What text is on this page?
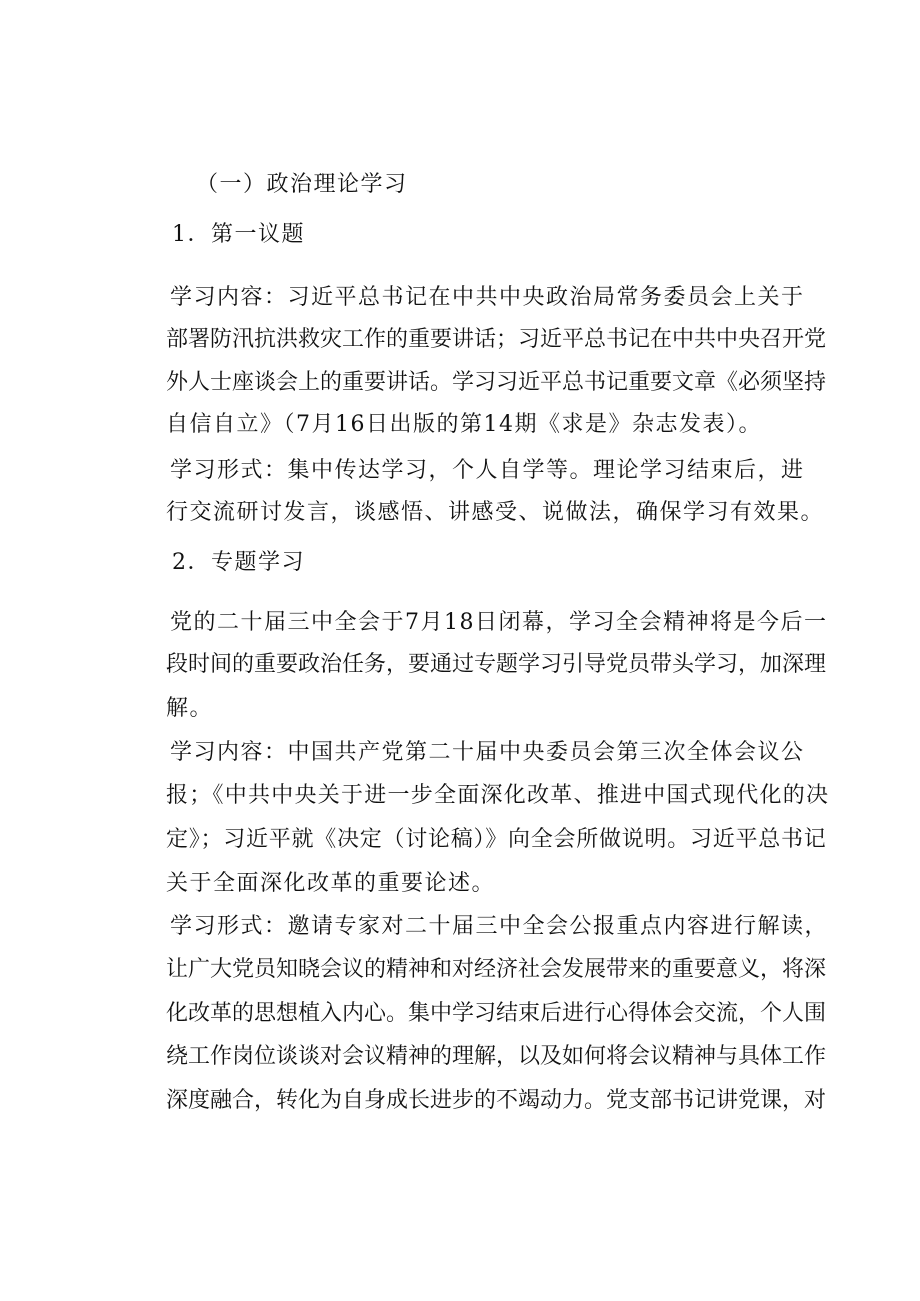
（一）政治理论学习
1．第一议题
学习内容：习近平总书记在中共中央政治局常务委员会上关于
部署防汛抗洪救灾工作的重要讲话；习近平总书记在中共中央召开党
外人士座谈会上的重要讲话。学习习近平总书记重要文章《必须坚持
自信自立》（7月16日出版的第14期《求是》杂志发表）。
学习形式：集中传达学习，个人自学等。理论学习结束后，进
行交流研讨发言，谈感悟、讲感受、说做法，确保学习有效果。
2．专题学习
党的二十届三中全会于7月18日闭幕，学习全会精神将是今后一
段时间的重要政治任务，要通过专题学习引导党员带头学习，加深理
解。
学习内容：中国共产党第二十届中央委员会第三次全体会议公
报；《中共中央关于进一步全面深化改革、推进中国式现代化的决
定》；习近平就《决定（讨论稿）》向全会所做说明。习近平总书记
关于全面深化改革的重要论述。
学习形式：邀请专家对二十届三中全会公报重点内容进行解读，
让广大党员知晓会议的精神和对经济社会发展带来的重要意义，将深
化改革的思想植入内心。集中学习结束后进行心得体会交流，个人围
绕工作岗位谈谈对会议精神的理解，以及如何将会议精神与具体工作
深度融合，转化为自身成长进步的不竭动力。党支部书记讲党课，对
